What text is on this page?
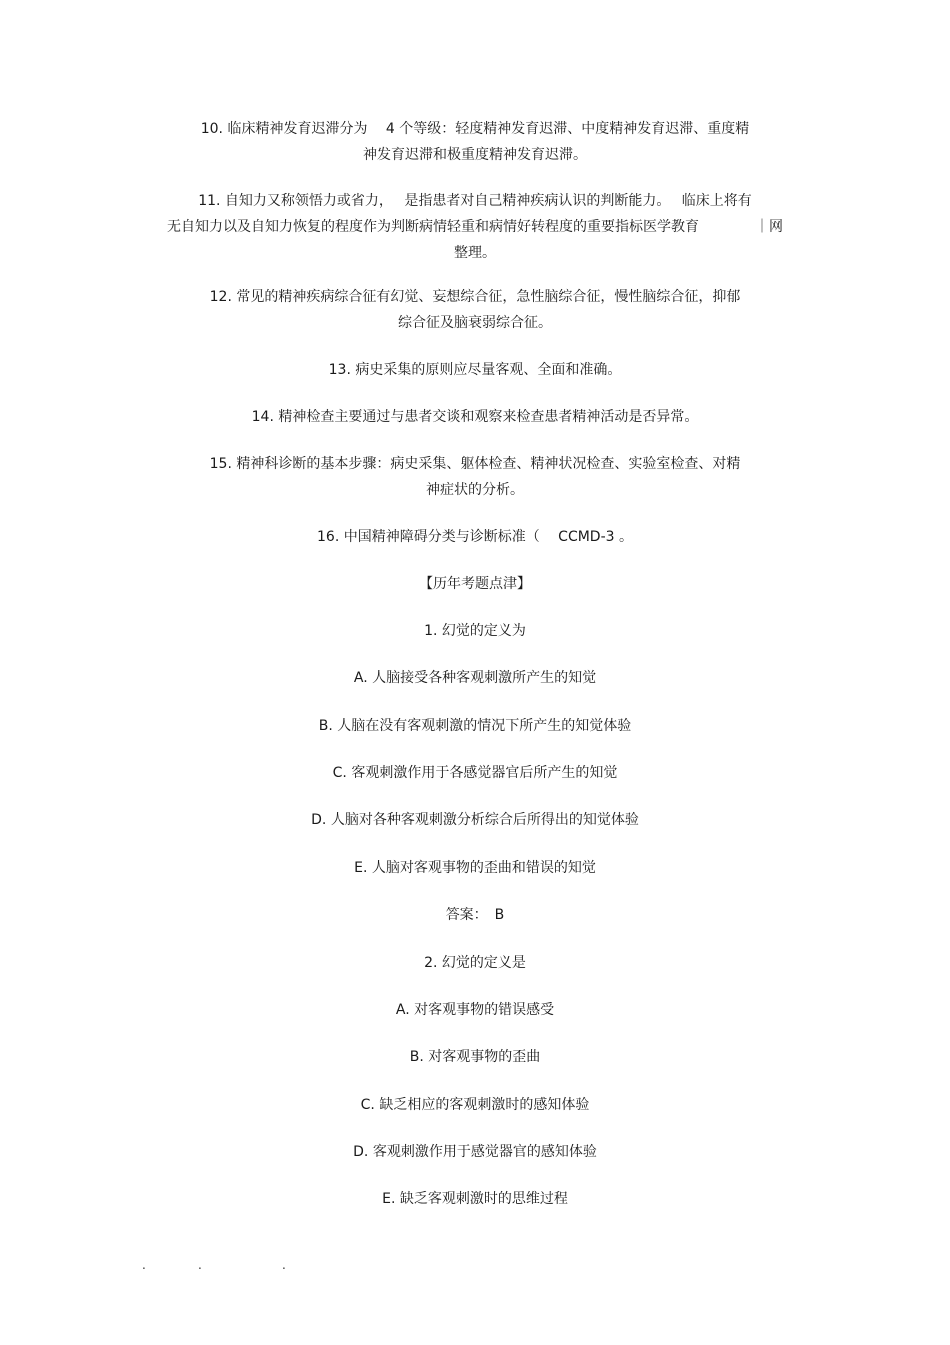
10. 临床精神发育迟滞分为　 4 个等级：轻度精神发育迟滞、中度精神发育迟滞、重度精
神发育迟滞和极重度精神发育迟滞。

11. 自知力又称领悟力或省力，　 是指患者对自己精神疾病认识的判断能力。　 临床上将有
无自知力以及自知力恢复的程度作为判断病情轻重和病情好转程度的重要指标医学教育　　　　｜网
整理。

12. 常见的精神疾病综合征有幻觉、妄想综合征，急性脑综合征，慢性脑综合征，抑郁
综合征及脑衰弱综合征。

13. 病史采集的原则应尽量客观、全面和准确。

14. 精神检查主要通过与患者交谈和观察来检查患者精神活动是否异常。

15. 精神科诊断的基本步骤：病史采集、躯体检查、精神状况检查、实验室检查、对精
神症状的分析。

16. 中国精神障碍分类与诊断标准（　 CCMD-3 。

【历年考题点津】

1. 幻觉的定义为

A. 人脑接受各种客观刺激所产生的知觉

B. 人脑在没有客观刺激的情况下所产生的知觉体验

C. 客观刺激作用于各感觉器官后所产生的知觉

D. 人脑对各种客观刺激分析综合后所得出的知觉体验

E. 人脑对客观事物的歪曲和错误的知觉

答案：　B

2. 幻觉的定义是

A. 对客观事物的错误感受

B. 对客观事物的歪曲

C. 缺乏相应的客观刺激时的感知体验

D. 客观刺激作用于感觉器官的感知体验

E. 缺乏客观刺激时的思维过程

.	.	.
